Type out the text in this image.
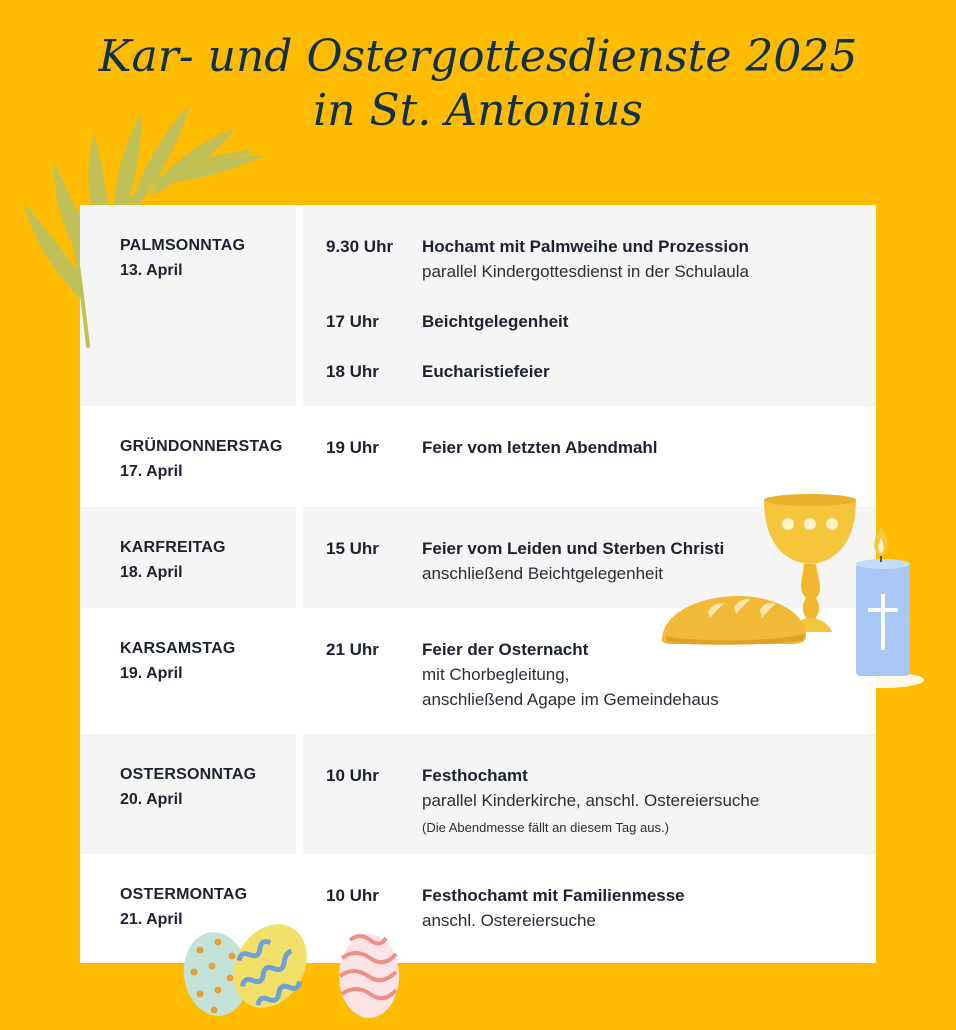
Kar- und Ostergottesdienste 2025
in St. Antonius
PALMSONNTAG
13. April
9.30 Uhr Hochamt mit Palmweihe und Prozession
parallel Kindergottesdienst in der Schulaula
17 Uhr	Beichtgelegenheit
18 Uhr	Eucharistiefeier
GRÜNDONNERSTAG
17. April
19 Uhr	Feier vom letzten Abendmahl
KARFREITAG
18. April
15 Uhr	Feier vom Leiden und Sterben Christi
anschließend Beichtgelegenheit
KARSAMSTAG
19. April
21 Uhr	Feier der Osternacht
mit Chorbegleitung,
anschließend Agape im Gemeindehaus
OSTERSONNTAG
20. April
10 Uhr	Festhochamt
parallel Kinderkirche, anschl. Ostereiersuche
(Die Abendmesse fällt an diesem Tag aus.)
OSTERMONTAG
21. April
10 Uhr	Festhochamt mit Familienmesse
anschl. Ostereiersuche
